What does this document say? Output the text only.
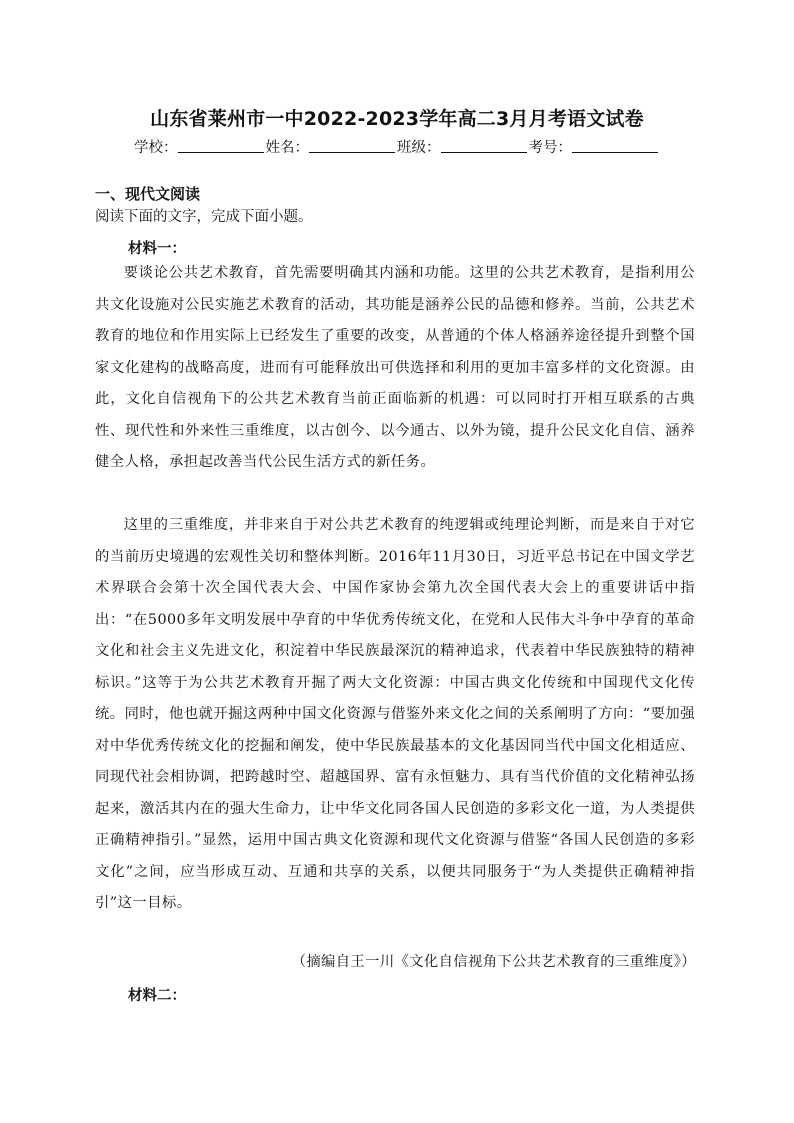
山东省莱州市一中2022-2023学年高二3月月考语文试卷
学校：	姓名：	班级：	考号：
一、现代文阅读
阅读下面的文字，完成下面小题。
材料一：
要谈论公共艺术教育，首先需要明确其内涵和功能。这里的公共艺术教育，是指利用公共文化设施对公民实施艺术教育的活动，其功能是涵养公民的品德和修养。当前，公共艺术教育的地位和作用实际上已经发生了重要的改变，从普通的个体人格涵养途径提升到整个国家文化建构的战略高度，进而有可能释放出可供选择和利用的更加丰富多样的文化资源。由此，文化自信视角下的公共艺术教育当前正面临新的机遇：可以同时打开相互联系的古典性、现代性和外来性三重维度，以古创今、以今通古、以外为镜，提升公民文化自信、涵养健全人格，承担起改善当代公民生活方式的新任务。
这里的三重维度，并非来自于对公共艺术教育的纯逻辑或纯理论判断，而是来自于对它的当前历史境遇的宏观性关切和整体判断。2016年11月30日，习近平总书记在中国文学艺术界联合会第十次全国代表大会、中国作家协会第九次全国代表大会上的重要讲话中指出：“在5000多年文明发展中孕育的中华优秀传统文化，在党和人民伟大斗争中孕育的革命文化和社会主义先进文化，积淀着中华民族最深沉的精神追求，代表着中华民族独特的精神标识。”这等于为公共艺术教育开掘了两大文化资源：中国古典文化传统和中国现代文化传统。同时，他也就开掘这两种中国文化资源与借鉴外来文化之间的关系阐明了方向：“要加强对中华优秀传统文化的挖掘和阐发，使中华民族最基本的文化基因同当代中国文化相适应、同现代社会相协调，把跨越时空、超越国界、富有永恒魅力、具有当代价值的文化精神弘扬起来，激活其内在的强大生命力，让中华文化同各国人民创造的多彩文化一道，为人类提供正确精神指引。”显然，运用中国古典文化资源和现代文化资源与借鉴“各国人民创造的多彩文化”之间，应当形成互动、互通和共享的关系，以便共同服务于“为人类提供正确精神指引”这一目标。
（摘编自王一川《文化自信视角下公共艺术教育的三重维度》）
材料二：
